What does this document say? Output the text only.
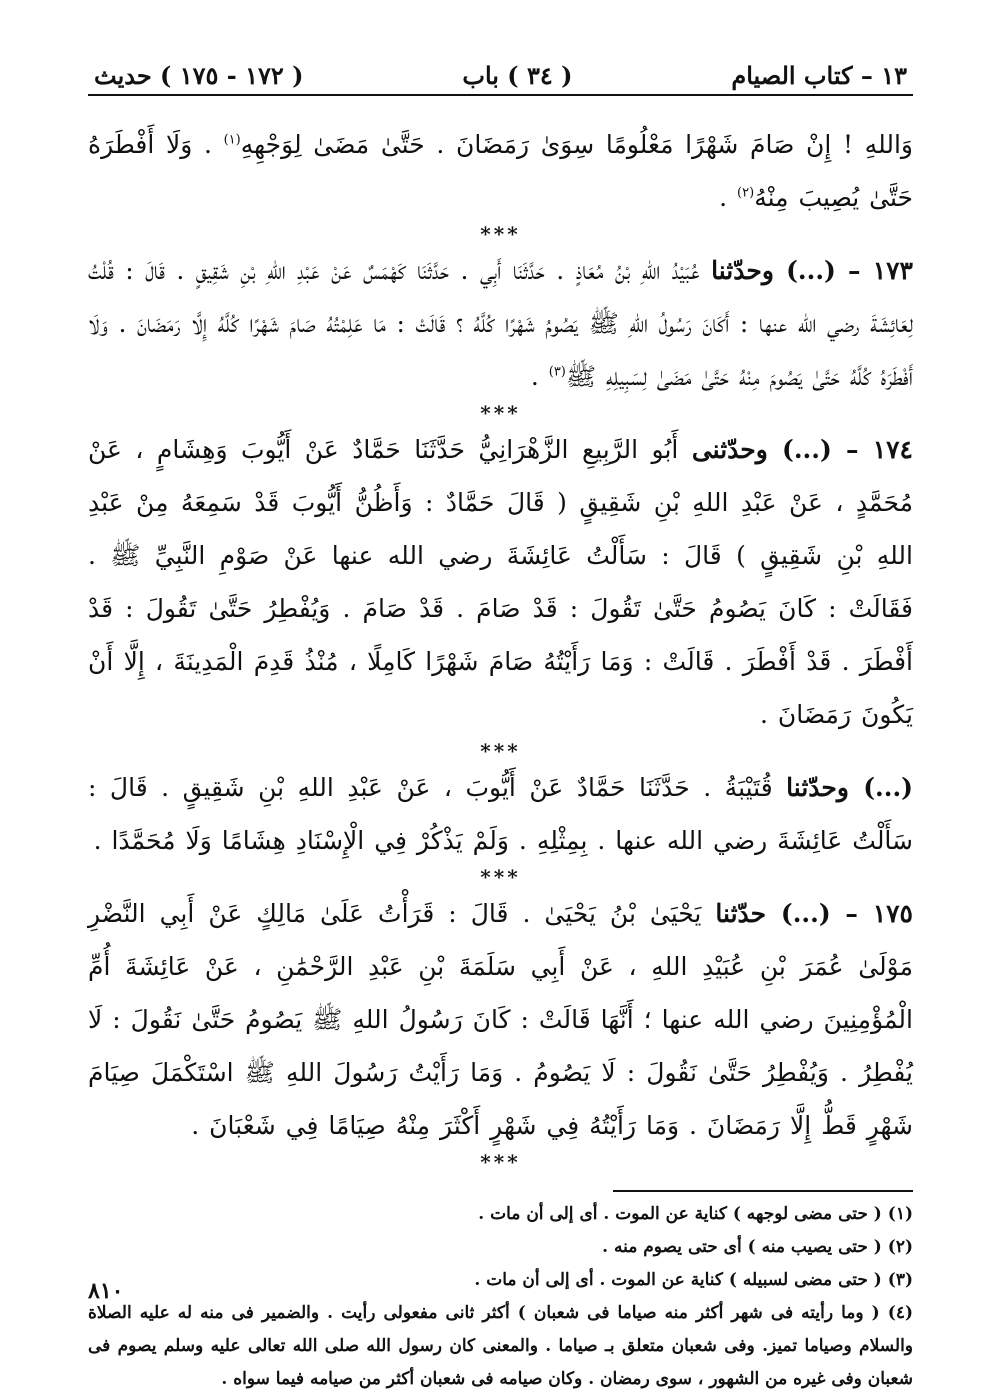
١٣ – كتاب الصيام
( ٣٤ ) باب
( ١٧٢ - ١٧٥ ) حديث

وَاللهِ ! إِنْ صَامَ شَهْرًا مَعْلُومًا سِوَىٰ رَمَضَانَ . حَتَّىٰ مَضَىٰ لِوَجْهِهِ$^{(١)}$ . وَلَا أَفْطَرَهُ حَتَّىٰ يُصِيبَ مِنْهُ$^{(٢)}$ .

***

١٧٣ – (...) وحدّثنا عُبَيْدُ اللهِ بْنُ مُعَاذٍ . حَدَّثَنَا أَبِي . حَدَّثَنَا كَهْمَسٌ عَنْ عَبْدِ اللهِ بْنِ شَقِيقٍ . قَالَ : قُلْتُ لِعَائِشَةَ رضي الله عنها : أَكَانَ رَسُولُ اللهِ ﷺ يَصُومُ شَهْرًا كُلَّهُ ؟ قَالَتْ : مَا عَلِمْتُهُ صَامَ شَهْرًا كُلَّهُ إِلَّا رَمَضَانَ . وَلَا أَفْطَرَهُ كُلَّهُ حَتَّىٰ يَصُومَ مِنْهُ حَتَّىٰ مَضَىٰ لِسَبِيلِهِ ﷺ$^{(٣)}$ .

***

١٧٤ – (...) وحدّثنى أَبُو الرَّبِيعِ الزَّهْرَانِيُّ حَدَّثَنَا حَمَّادٌ عَنْ أَيُّوبَ وَهِشَامٍ ، عَنْ مُحَمَّدٍ ، عَنْ عَبْدِ اللهِ بْنِ شَقِيقٍ ( قَالَ حَمَّادٌ : وَأَظُنُّ أَيُّوبَ قَدْ سَمِعَهُ مِنْ عَبْدِ اللهِ بْنِ شَقِيقٍ ) قَالَ : سَأَلْتُ عَائِشَةَ رضي الله عنها عَنْ صَوْمِ النَّبِيِّ ﷺ . فَقَالَتْ : كَانَ يَصُومُ حَتَّىٰ تَقُولَ : قَدْ صَامَ . قَدْ صَامَ . وَيُفْطِرُ حَتَّىٰ تَقُولَ : قَدْ أَفْطَرَ . قَدْ أَفْطَرَ . قَالَتْ : وَمَا رَأَيْتُهُ صَامَ شَهْرًا كَامِلًا ، مُنْذُ قَدِمَ الْمَدِينَةَ ، إِلَّا أَنْ يَكُونَ رَمَضَانَ .

***

(...) وحدّثنا قُتَيْبَةُ . حَدَّثَنَا حَمَّادٌ عَنْ أَيُّوبَ ، عَنْ عَبْدِ اللهِ بْنِ شَقِيقٍ . قَالَ : سَأَلْتُ عَائِشَةَ رضي الله عنها . بِمِثْلِهِ . وَلَمْ يَذْكُرْ فِي الْإِسْنَادِ هِشَامًا وَلَا مُحَمَّدًا .

***

١٧٥ – (...) حدّثنا يَحْيَىٰ بْنُ يَحْيَىٰ . قَالَ : قَرَأْتُ عَلَىٰ مَالِكٍ عَنْ أَبِي النَّضْرِ مَوْلَىٰ عُمَرَ بْنِ عُبَيْدِ اللهِ ، عَنْ أَبِي سَلَمَةَ بْنِ عَبْدِ الرَّحْمَٰنِ ، عَنْ عَائِشَةَ أُمِّ الْمُؤْمِنِينَ رضي الله عنها ؛ أَنَّهَا قَالَتْ : كَانَ رَسُولُ اللهِ ﷺ يَصُومُ حَتَّىٰ نَقُولَ : لَا يُفْطِرُ . وَيُفْطِرُ حَتَّىٰ نَقُولَ : لَا يَصُومُ . وَمَا رَأَيْتُ رَسُولَ اللهِ ﷺ اسْتَكْمَلَ صِيَامَ شَهْرٍ قَطُّ إِلَّا رَمَضَانَ . وَمَا رَأَيْتُهُ فِي شَهْرٍ أَكْثَرَ مِنْهُ صِيَامًا فِي شَعْبَانَ .

***

(١) ( حتى مضى لوجهه ) كناية عن الموت . أى إلى أن مات .

(٢) ( حتى يصيب منه ) أى حتى يصوم منه .

(٣) ( حتى مضى لسبيله ) كناية عن الموت . أى إلى أن مات .

(٤) ( وما رأيته فى شهر أكثر منه صياما فى شعبان ) أكثر ثانى مفعولى رأيت . والضمير فى منه له عليه الصلاة والسلام وصياما تميز. وفى شعبان متعلق بـ صياما . والمعنى كان رسول الله صلى الله تعالى عليه وسلم يصوم فى شعبان وفى غيره من الشهور ، سوى رمضان . وكان صيامه فى شعبان أكثر من صيامه فيما سواه .

٨١٠
